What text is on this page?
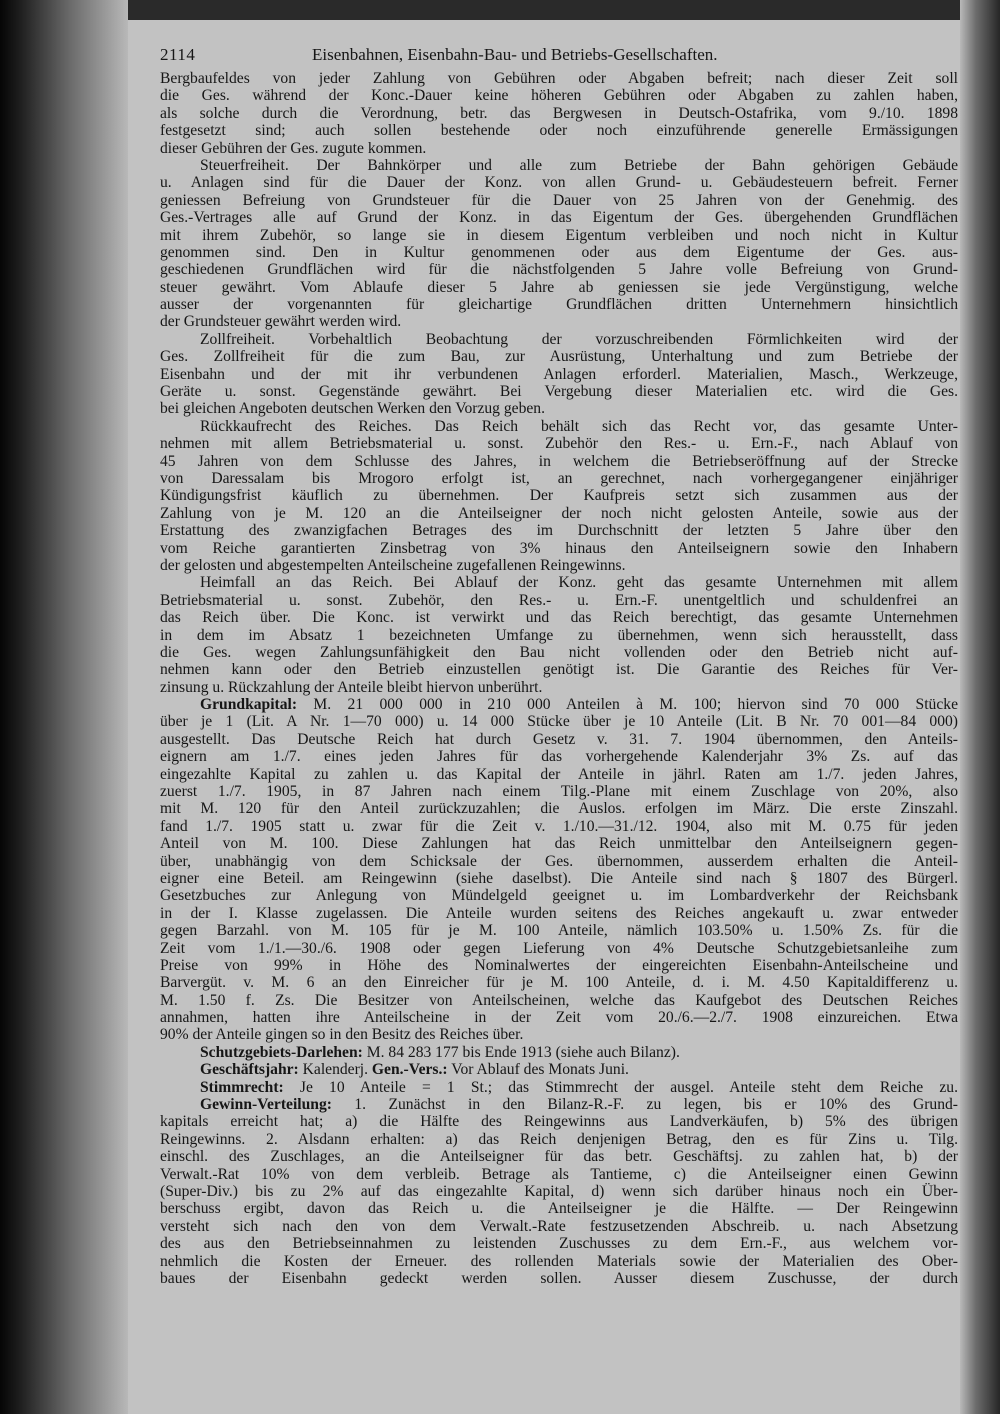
2114	Eisenbahnen, Eisenbahn-Bau- und Betriebs-Gesellschaften.
Bergbaufeldes von jeder Zahlung von Gebühren oder Abgaben befreit; nach dieser Zeit soll
die Ges. während der Konc.-Dauer keine höheren Gebühren oder Abgaben zu zahlen haben,
als solche durch die Verordnung, betr. das Bergwesen in Deutsch-Ostafrika, vom 9./10. 1898
festgesetzt sind; auch sollen bestehende oder noch einzuführende generelle Ermässigungen
dieser Gebühren der Ges. zugute kommen.
Steuerfreiheit. Der Bahnkörper und alle zum Betriebe der Bahn gehörigen Gebäude
u. Anlagen sind für die Dauer der Konz. von allen Grund- u. Gebäudesteuern befreit. Ferner
geniessen Befreiung von Grundsteuer für die Dauer von 25 Jahren von der Genehmig. des
Ges.-Vertrages alle auf Grund der Konz. in das Eigentum der Ges. übergehenden Grundflächen
mit ihrem Zubehör, so lange sie in diesem Eigentum verbleiben und noch nicht in Kultur
genommen sind. Den in Kultur genommenen oder aus dem Eigentume der Ges. aus-
geschiedenen Grundflächen wird für die nächstfolgenden 5 Jahre volle Befreiung von Grund-
steuer gewährt. Vom Ablaufe dieser 5 Jahre ab geniessen sie jede Vergünstigung, welche
ausser der vorgenannten für gleichartige Grundflächen dritten Unternehmern hinsichtlich
der Grundsteuer gewährt werden wird.
Zollfreiheit. Vorbehaltlich Beobachtung der vorzuschreibenden Förmlichkeiten wird der
Ges. Zollfreiheit für die zum Bau, zur Ausrüstung, Unterhaltung und zum Betriebe der
Eisenbahn und der mit ihr verbundenen Anlagen erforderl. Materialien, Masch., Werkzeuge,
Geräte u. sonst. Gegenstände gewährt. Bei Vergebung dieser Materialien etc. wird die Ges.
bei gleichen Angeboten deutschen Werken den Vorzug geben.
Rückkaufrecht des Reiches. Das Reich behält sich das Recht vor, das gesamte Unter-
nehmen mit allem Betriebsmaterial u. sonst. Zubehör den Res.- u. Ern.-F., nach Ablauf von
45 Jahren von dem Schlusse des Jahres, in welchem die Betriebseröffnung auf der Strecke
von Daressalam bis Mrogoro erfolgt ist, an gerechnet, nach vorhergegangener einjähriger
Kündigungsfrist käuflich zu übernehmen. Der Kaufpreis setzt sich zusammen aus der
Zahlung von je M. 120 an die Anteilseigner der noch nicht gelosten Anteile, sowie aus der
Erstattung des zwanzigfachen Betrages des im Durchschnitt der letzten 5 Jahre über den
vom Reiche garantierten Zinsbetrag von 3% hinaus den Anteilseignern sowie den Inhabern
der gelosten und abgestempelten Anteilscheine zugefallenen Reingewinns.
Heimfall an das Reich. Bei Ablauf der Konz. geht das gesamte Unternehmen mit allem
Betriebsmaterial u. sonst. Zubehör, den Res.- u. Ern.-F. unentgeltlich und schuldenfrei an
das Reich über. Die Konc. ist verwirkt und das Reich berechtigt, das gesamte Unternehmen
in dem im Absatz 1 bezeichneten Umfange zu übernehmen, wenn sich herausstellt, dass
die Ges. wegen Zahlungsunfähigkeit den Bau nicht vollenden oder den Betrieb nicht auf-
nehmen kann oder den Betrieb einzustellen genötigt ist. Die Garantie des Reiches für Ver-
zinsung u. Rückzahlung der Anteile bleibt hiervon unberührt.
Grundkapital: M. 21 000 000 in 210 000 Anteilen à M. 100; hiervon sind 70 000 Stücke
über je 1 (Lit. A Nr. 1—70 000) u. 14 000 Stücke über je 10 Anteile (Lit. B Nr. 70 001—84 000)
ausgestellt. Das Deutsche Reich hat durch Gesetz v. 31. 7. 1904 übernommen, den Anteils-
eignern am 1./7. eines jeden Jahres für das vorhergehende Kalenderjahr 3% Zs. auf das
eingezahlte Kapital zu zahlen u. das Kapital der Anteile in jährl. Raten am 1./7. jeden Jahres,
zuerst 1./7. 1905, in 87 Jahren nach einem Tilg.-Plane mit einem Zuschlage von 20%, also
mit M. 120 für den Anteil zurückzuzahlen; die Auslos. erfolgen im März. Die erste Zinszahl.
fand 1./7. 1905 statt u. zwar für die Zeit v. 1./10.—31./12. 1904, also mit M. 0.75 für jeden
Anteil von M. 100. Diese Zahlungen hat das Reich unmittelbar den Anteilseignern gegen-
über, unabhängig von dem Schicksale der Ges. übernommen, ausserdem erhalten die Anteil-
eigner eine Beteil. am Reingewinn (siehe daselbst). Die Anteile sind nach § 1807 des Bürgerl.
Gesetzbuches zur Anlegung von Mündelgeld geeignet u. im Lombardverkehr der Reichsbank
in der I. Klasse zugelassen. Die Anteile wurden seitens des Reiches angekauft u. zwar entweder
gegen Barzahl. von M. 105 für je M. 100 Anteile, nämlich 103.50% u. 1.50% Zs. für die
Zeit vom 1./1.—30./6. 1908 oder gegen Lieferung von 4% Deutsche Schutzgebietsanleihe zum
Preise von 99% in Höhe des Nominalwertes der eingereichten Eisenbahn-Anteilscheine und
Barvergüt. v. M. 6 an den Einreicher für je M. 100 Anteile, d. i. M. 4.50 Kapitaldifferenz u.
M. 1.50 f. Zs. Die Besitzer von Anteilscheinen, welche das Kaufgebot des Deutschen Reiches
annahmen, hatten ihre Anteilscheine in der Zeit vom 20./6.—2./7. 1908 einzureichen. Etwa
90% der Anteile gingen so in den Besitz des Reiches über.
Schutzgebiets-Darlehen: M. 84 283 177 bis Ende 1913 (siehe auch Bilanz).
Geschäftsjahr: Kalenderj. Gen.-Vers.: Vor Ablauf des Monats Juni.
Stimmrecht: Je 10 Anteile = 1 St.; das Stimmrecht der ausgel. Anteile steht dem Reiche zu.
Gewinn-Verteilung: 1. Zunächst in den Bilanz-R.-F. zu legen, bis er 10% des Grund-
kapitals erreicht hat; a) die Hälfte des Reingewinns aus Landverkäufen, b) 5% des übrigen
Reingewinns. 2. Alsdann erhalten: a) das Reich denjenigen Betrag, den es für Zins u. Tilg.
einschl. des Zuschlages, an die Anteilseigner für das betr. Geschäftsj. zu zahlen hat, b) der
Verwalt.-Rat 10% von dem verbleib. Betrage als Tantieme, c) die Anteilseigner einen Gewinn
(Super-Div.) bis zu 2% auf das eingezahlte Kapital, d) wenn sich darüber hinaus noch ein Über-
berschuss ergibt, davon das Reich u. die Anteilseigner je die Hälfte. — Der Reingewinn
versteht sich nach den von dem Verwalt.-Rate festzusetzenden Abschreib. u. nach Absetzung
des aus den Betriebseinnahmen zu leistenden Zuschusses zu dem Ern.-F., aus welchem vor-
nehmlich die Kosten der Erneuer. des rollenden Materials sowie der Materialien des Ober-
baues der Eisenbahn gedeckt werden sollen. Ausser diesem Zuschusse, der durch
